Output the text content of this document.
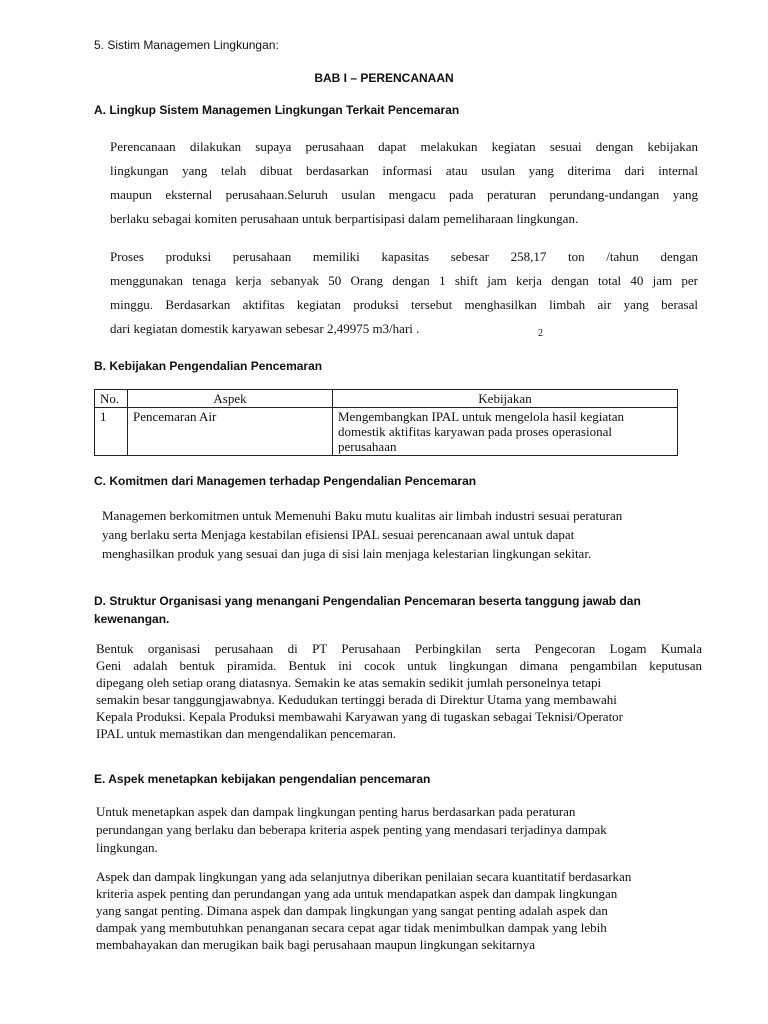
5. Sistim Managemen Lingkungan:
BAB I – PERENCANAAN
A. Lingkup Sistem Managemen Lingkungan Terkait Pencemaran
Perencanaan dilakukan supaya perusahaan dapat melakukan kegiatan sesuai dengan kebijakan
lingkungan yang telah dibuat berdasarkan informasi atau usulan yang diterima dari internal
maupun eksternal perusahaan.Seluruh usulan mengacu pada peraturan perundang-undangan yang
berlaku sebagai komiten perusahaan untuk berpartisipasi dalam pemeliharaan lingkungan.
Proses produksi perusahaan memiliki kapasitas sebesar 258,17 ton /tahun dengan
menggunakan tenaga kerja sebanyak 50 Orang dengan 1 shift jam kerja dengan total 40 jam per
minggu. Berdasarkan aktifitas kegiatan produksi tersebut menghasilkan limbah air yang berasal
dari kegiatan domestik karyawan sebesar 2,49975 m3/hari .	2
B. Kebijakan Pengendalian Pencemaran
No.	Aspek	Kebijakan
1	Pencemaran Air	Mengembangkan IPAL untuk mengelola hasil kegiatan
domestik aktifitas karyawan pada proses operasional
perusahaan
C. Komitmen dari Managemen terhadap Pengendalian Pencemaran
Managemen berkomitmen untuk Memenuhi Baku mutu kualitas air limbah industri sesuai peraturan
yang berlaku serta Menjaga kestabilan efisiensi IPAL sesuai perencanaan awal untuk dapat
menghasilkan produk yang sesuai dan juga di sisi lain menjaga kelestarian lingkungan sekitar.
D. Struktur Organisasi yang menangani Pengendalian Pencemaran beserta tanggung jawab dan
kewenangan.
Bentuk organisasi perusahaan di PT Perusahaan Perbingkilan serta Pengecoran Logam Kumala
Geni adalah bentuk piramida. Bentuk ini cocok untuk lingkungan dimana pengambilan keputusan
dipegang oleh setiap orang diatasnya. Semakin ke atas semakin sedikit jumlah personelnya tetapi
semakin besar tanggungjawabnya. Kedudukan tertinggi berada di Direktur Utama yang membawahi
Kepala Produksi. Kepala Produksi membawahi Karyawan yang di tugaskan sebagai Teknisi/Operator
IPAL untuk memastikan dan mengendalikan pencemaran.
E. Aspek menetapkan kebijakan pengendalian pencemaran
Untuk menetapkan aspek dan dampak lingkungan penting harus berdasarkan pada peraturan
perundangan yang berlaku dan beberapa kriteria aspek penting yang mendasari terjadinya dampak
lingkungan.
Aspek dan dampak lingkungan yang ada selanjutnya diberikan penilaian secara kuantitatif berdasarkan
kriteria aspek penting dan perundangan yang ada untuk mendapatkan aspek dan dampak lingkungan
yang sangat penting. Dimana aspek dan dampak lingkungan yang sangat penting adalah aspek dan
dampak yang membutuhkan penanganan secara cepat agar tidak menimbulkan dampak yang lebih
membahayakan dan merugikan baik bagi perusahaan maupun lingkungan sekitarnya
